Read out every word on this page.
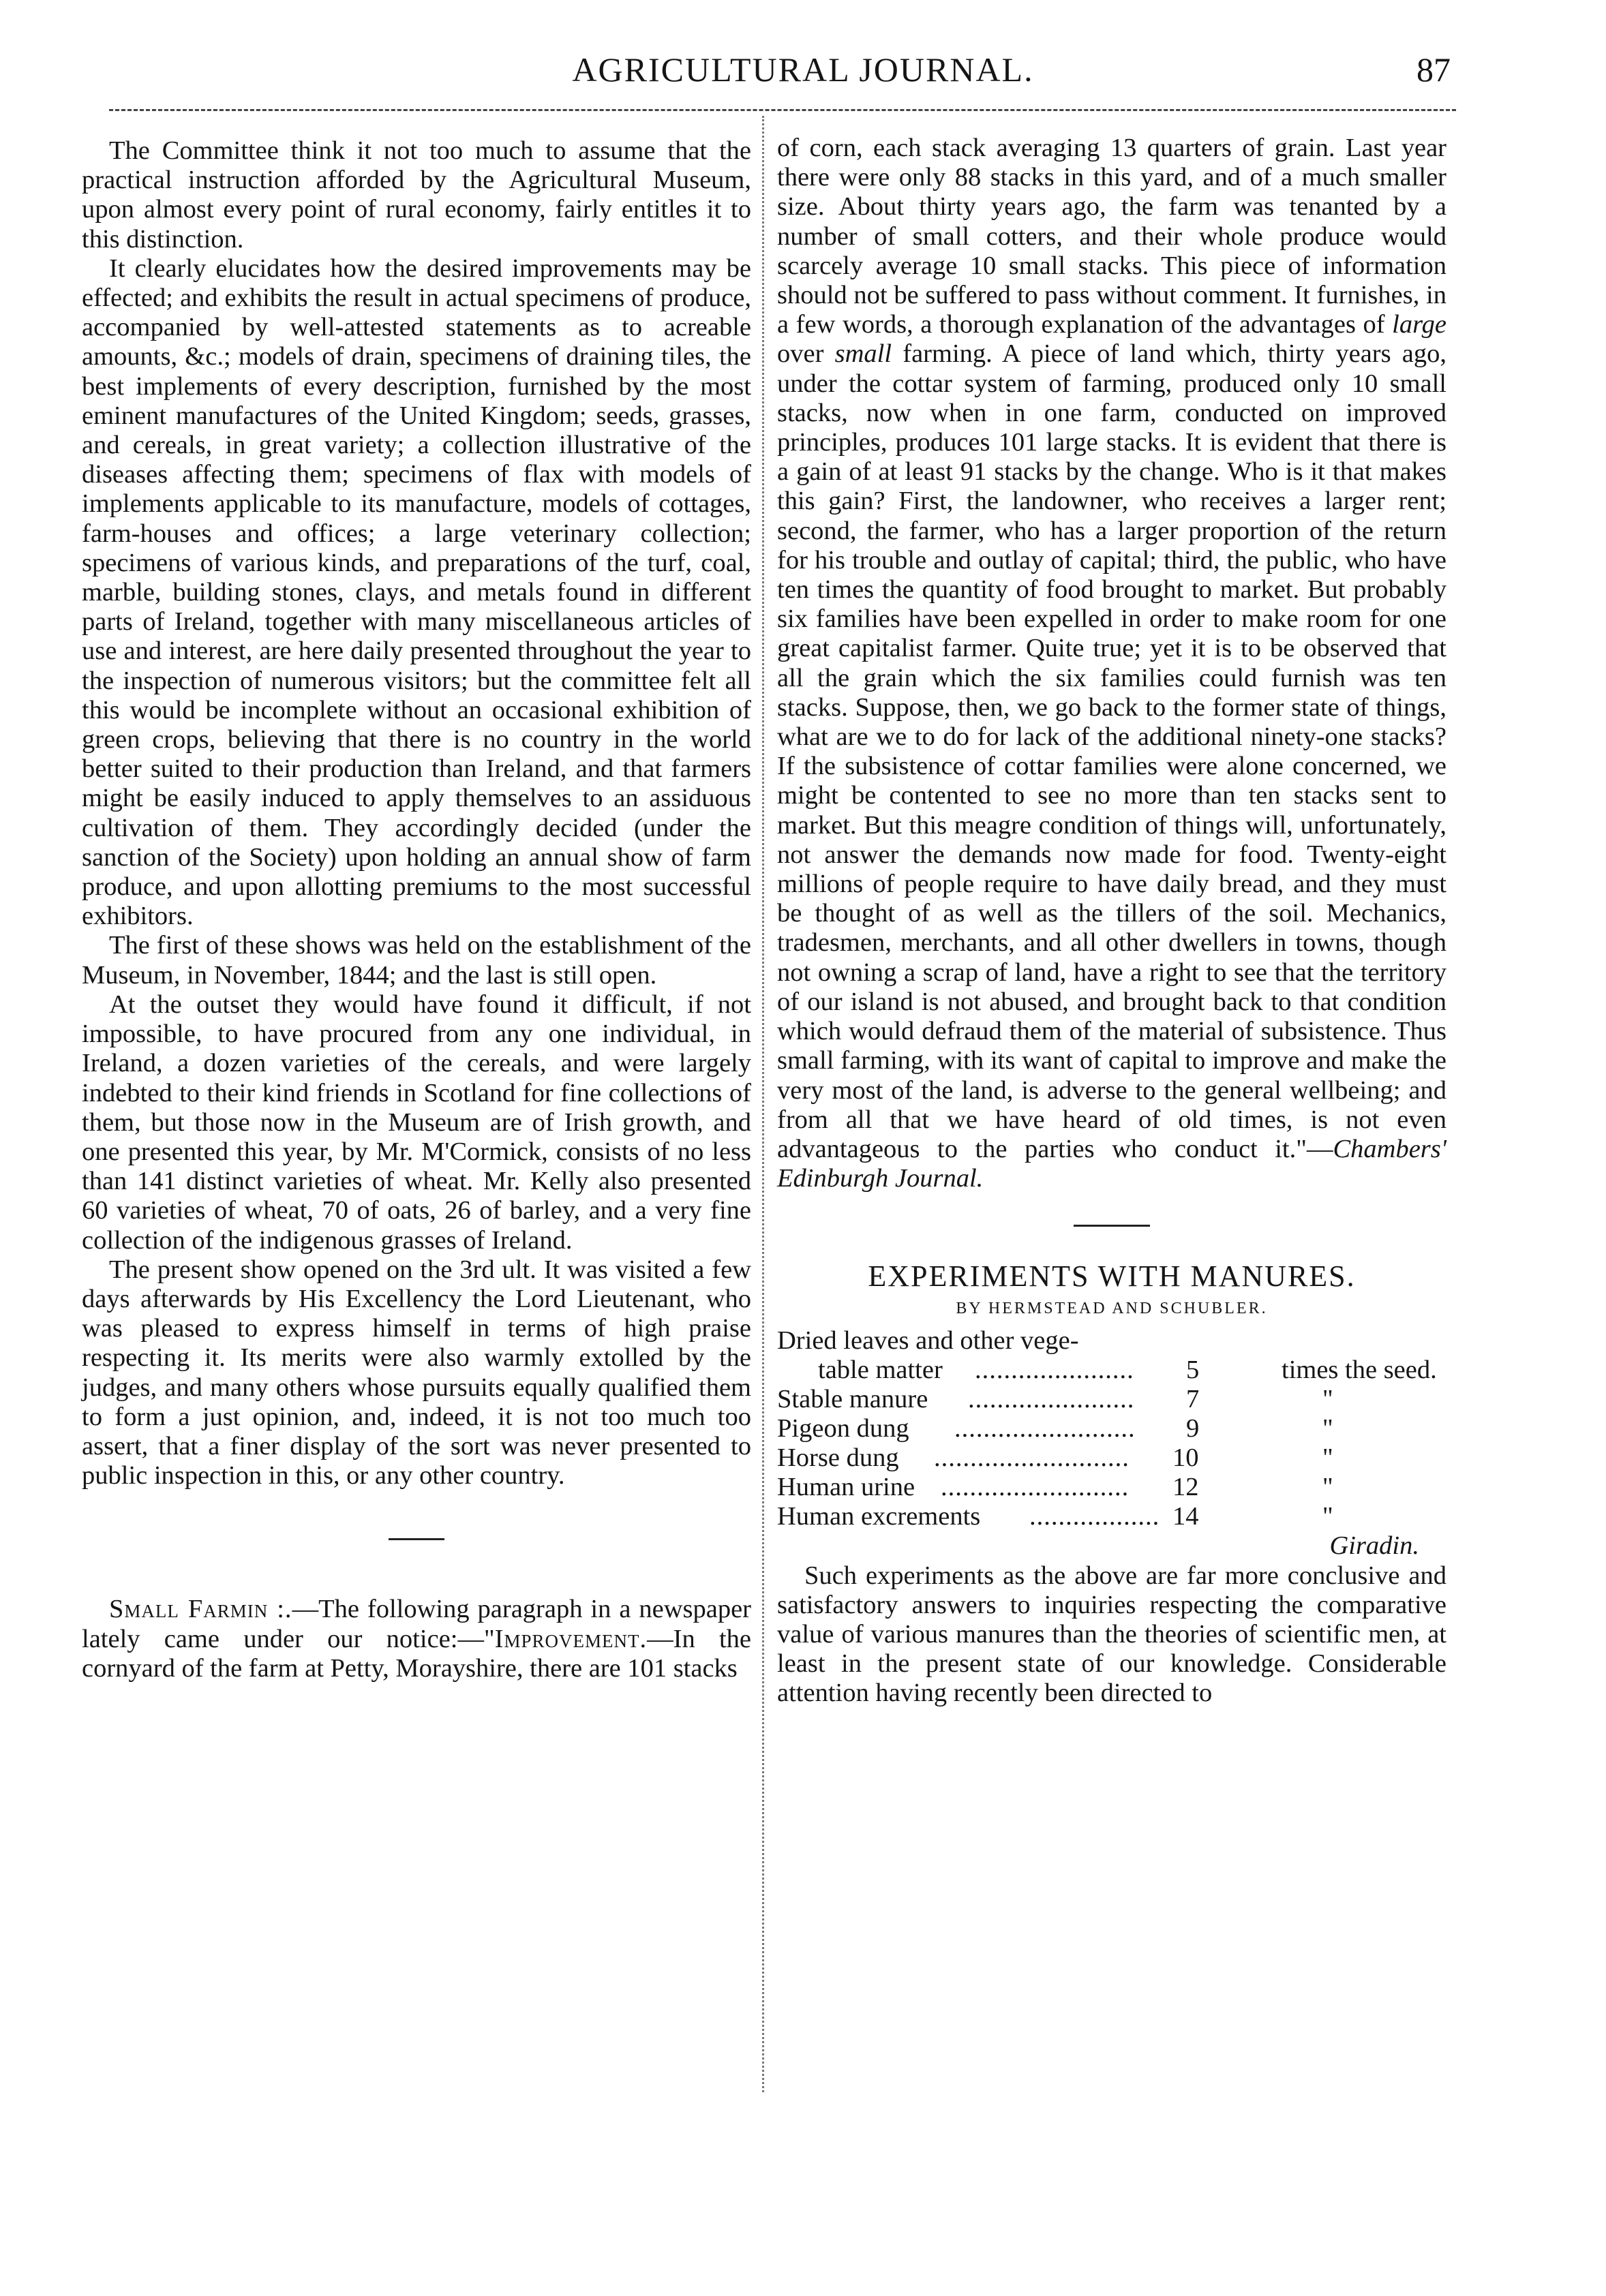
AGRICULTURAL JOURNAL.	87

The Committee think it not too much to assume that the practical instruction afforded by the Agricultural Museum, upon almost every point of rural economy, fairly entitles it to this distinction.

It clearly elucidates how the desired improvements may be effected; and exhibits the result in actual specimens of produce, accompanied by well-attested statements as to acreable amounts, &c.; models of drain, specimens of draining tiles, the best implements of every description, furnished by the most eminent manufactures of the United Kingdom; seeds, grasses, and cereals, in great variety; a collection illustrative of the diseases affecting them; specimens of flax with models of implements applicable to its manufacture, models of cottages, farm-houses and offices; a large veterinary collection; specimens of various kinds, and preparations of the turf, coal, marble, building stones, clays, and metals found in different parts of Ireland, together with many miscellaneous articles of use and interest, are here daily presented throughout the year to the inspection of numerous visitors; but the committee felt all this would be incomplete without an occasional exhibition of green crops, believing that there is no country in the world better suited to their production than Ireland, and that farmers might be easily induced to apply themselves to an assiduous cultivation of them. They accordingly decided (under the sanction of the Society) upon holding an annual show of farm produce, and upon allotting premiums to the most successful exhibitors.

The first of these shows was held on the establishment of the Museum, in November, 1844; and the last is still open.

At the outset they would have found it difficult, if not impossible, to have procured from any one individual, in Ireland, a dozen varieties of the cereals, and were largely indebted to their kind friends in Scotland for fine collections of them, but those now in the Museum are of Irish growth, and one presented this year, by Mr. M'Cormick, consists of no less than 141 distinct varieties of wheat. Mr. Kelly also presented 60 varieties of wheat, 70 of oats, 26 of barley, and a very fine collection of the indigenous grasses of Ireland.

The present show opened on the 3rd ult. It was visited a few days afterwards by His Excellency the Lord Lieutenant, who was pleased to express himself in terms of high praise respecting it. Its merits were also warmly extolled by the judges, and many others whose pursuits equally qualified them to form a just opinion, and, indeed, it is not too much too assert, that a finer display of the sort was never presented to public inspection in this, or any other country.

Small Farmin :.—The following paragraph in a newspaper lately came under our notice:—"Improvement.—In the cornyard of the farm at Petty, Morayshire, there are 101 stacks

of corn, each stack averaging 13 quarters of grain. Last year there were only 88 stacks in this yard, and of a much smaller size. About thirty years ago, the farm was tenanted by a number of small cotters, and their whole produce would scarcely average 10 small stacks. This piece of information should not be suffered to pass without comment. It furnishes, in a few words, a thorough explanation of the advantages of large over small farming. A piece of land which, thirty years ago, under the cottar system of farming, produced only 10 small stacks, now when in one farm, conducted on improved principles, produces 101 large stacks. It is evident that there is a gain of at least 91 stacks by the change. Who is it that makes this gain? First, the landowner, who receives a larger rent; second, the farmer, who has a larger proportion of the return for his trouble and outlay of capital; third, the public, who have ten times the quantity of food brought to market. But probably six families have been expelled in order to make room for one great capitalist farmer. Quite true; yet it is to be observed that all the grain which the six families could furnish was ten stacks. Suppose, then, we go back to the former state of things, what are we to do for lack of the additional ninety-one stacks? If the subsistence of cottar families were alone concerned, we might be contented to see no more than ten stacks sent to market. But this meagre condition of things will, unfortunately, not answer the demands now made for food. Twenty-eight millions of people require to have daily bread, and they must be thought of as well as the tillers of the soil. Mechanics, tradesmen, merchants, and all other dwellers in towns, though not owning a scrap of land, have a right to see that the territory of our island is not abused, and brought back to that condition which would defraud them of the material of subsistence. Thus small farming, with its want of capital to improve and make the very most of the land, is adverse to the general wellbeing; and from all that we have heard of old times, is not even advantageous to the parties who conduct it."—Chambers' Edinburgh Journal.

EXPERIMENTS WITH MANURES.
BY HERMSTEAD AND SCHUBLER.
Dried leaves and other vege-
table matter ...................... 5	times the seed.
Stable manure ....................... 7	"
Pigeon dung ......................... 9	"
Horse dung ........................... 10	"
Human urine .......................... 12	"
Human excrements .................. 14	"
Giradin.

Such experiments as the above are far more conclusive and satisfactory answers to inquiries respecting the comparative value of various manures than the theories of scientific men, at least in the present state of our knowledge. Considerable attention having recently been directed to
